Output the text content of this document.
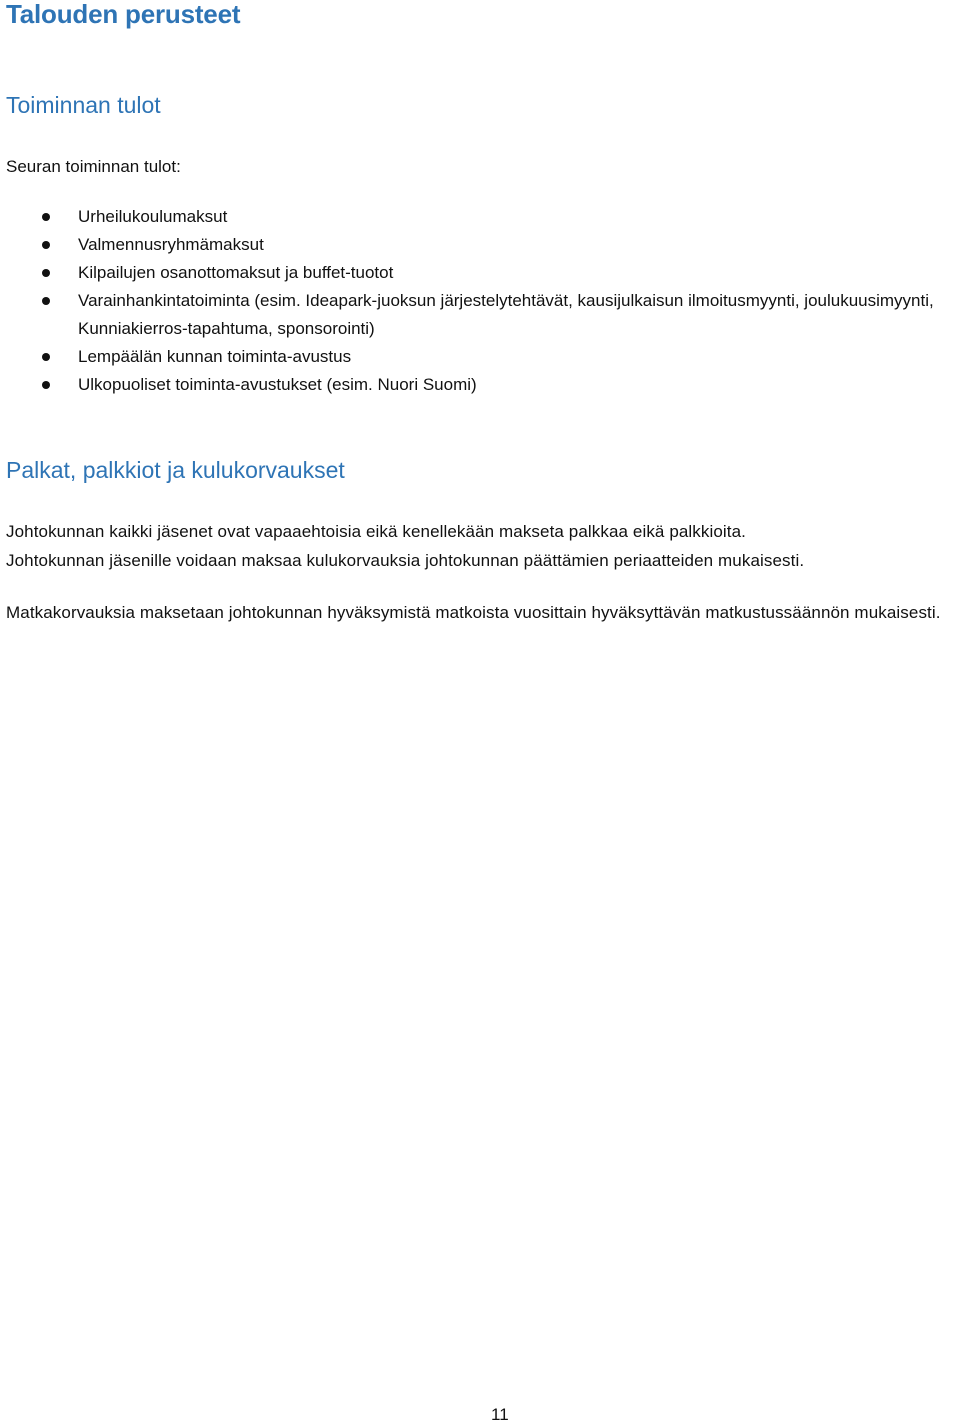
Talouden perusteet
Toiminnan tulot

Seuran toiminnan tulot:

Urheilukoulumaksut
Valmennusryhmämaksut
Kilpailujen osanottomaksut ja buffet-tuotot
Varainhankintatoiminta (esim. Ideapark-juoksun järjestelytehtävät, kausijulkaisun ilmoitusmyynti, joulukuusimyynti, Kunniakierros-tapahtuma, sponsorointi)
Lempäälän kunnan toiminta-avustus
Ulkopuoliset toiminta-avustukset (esim. Nuori Suomi)
Palkat, palkkiot ja kulukorvaukset

Johtokunnan kaikki jäsenet ovat vapaaehtoisia eikä kenellekään makseta palkkaa eikä palkkioita.
Johtokunnan jäsenille voidaan maksaa kulukorvauksia johtokunnan päättämien periaatteiden mukaisesti.

Matkakorvauksia maksetaan johtokunnan hyväksymistä matkoista vuosittain hyväksyttävän matkustussäännön mukaisesti.

11
